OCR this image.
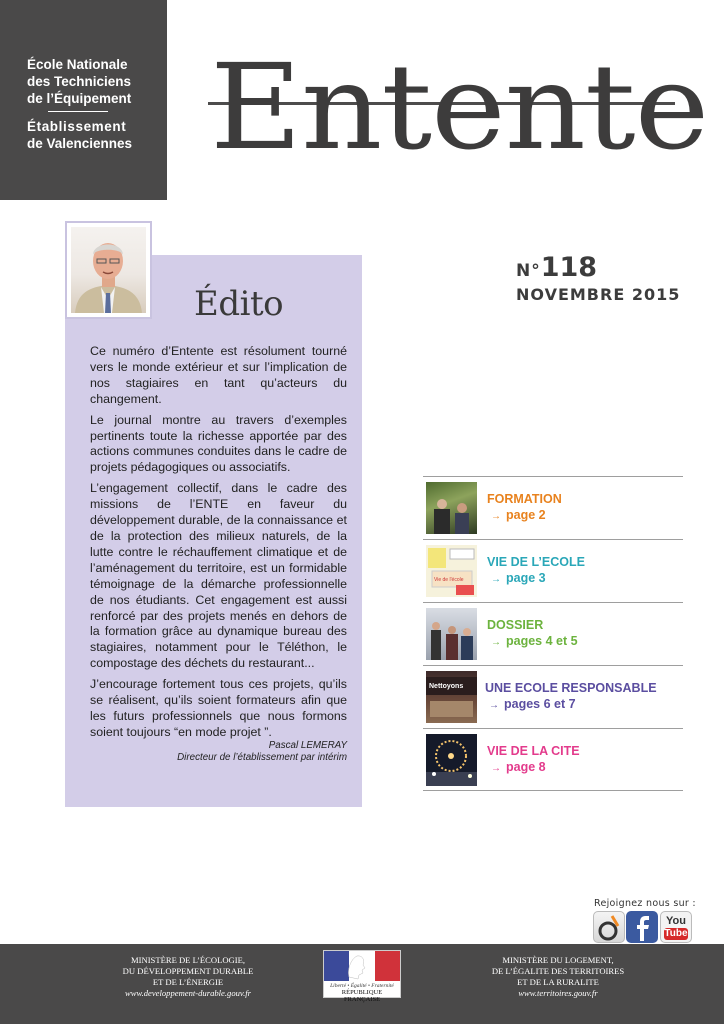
École Nationale
des Techniciens
de l’Équipement
Établissement
de Valenciennes Entente
Édito

Ce numéro d’Entente est résolument tourné vers le monde extérieur et sur l’implication de nos stagiaires en tant qu’acteurs du changement.

Le journal montre au travers d’exemples pertinents toute la richesse apportée par des actions communes conduites dans le cadre de projets pédagogiques ou associatifs.

L’engagement collectif, dans le cadre des missions de l’ENTE en faveur du développement durable, de la connaissance et de la protection des milieux naturels, de la lutte contre le réchauffement climatique et de l’aménagement du territoire, est un formidable témoignage de la démarche professionnelle de nos étudiants. Cet engagement est aussi renforcé par des projets menés en dehors de la formation grâce au dynamique bureau des stagiaires, notamment pour le Téléthon, le compostage des déchets du restaurant...

J’encourage fortement tous ces projets, qu’ils se réalisent, qu’ils soient formateurs afin que les futurs professionnels que nous formons soient toujours “en mode projet ”.

Pascal LEMERAY
Directeur de l’établissement par intérim
N°118
NOVEMBRE 2015
FORMATION
→ page 2
Vie de l'école
VIE DE L’ECOLE
→ page 3
DOSSIER
→ pages 4 et 5
Nettoyons UNE ECOLE RESPONSABLE
→ pages 6 et 7
VIE DE LA CITE
→ page 8
Rejoignez nous sur :
You
Tube
MINISTÈRE DE L’ÉCOLOGIE,
DU DÉVELOPPEMENT DURABLE
ET DE L’ÉNERGIE
www.developpement-durable.gouv.fr
Liberté • Égalité • Fraternité
RÉPUBLIQUE FRANÇAISE
MINISTÈRE DU LOGEMENT,
DE L’ÉGALITE DES TERRITOIRES
ET DE LA RURALITE
www.territoires.gouv.fr
